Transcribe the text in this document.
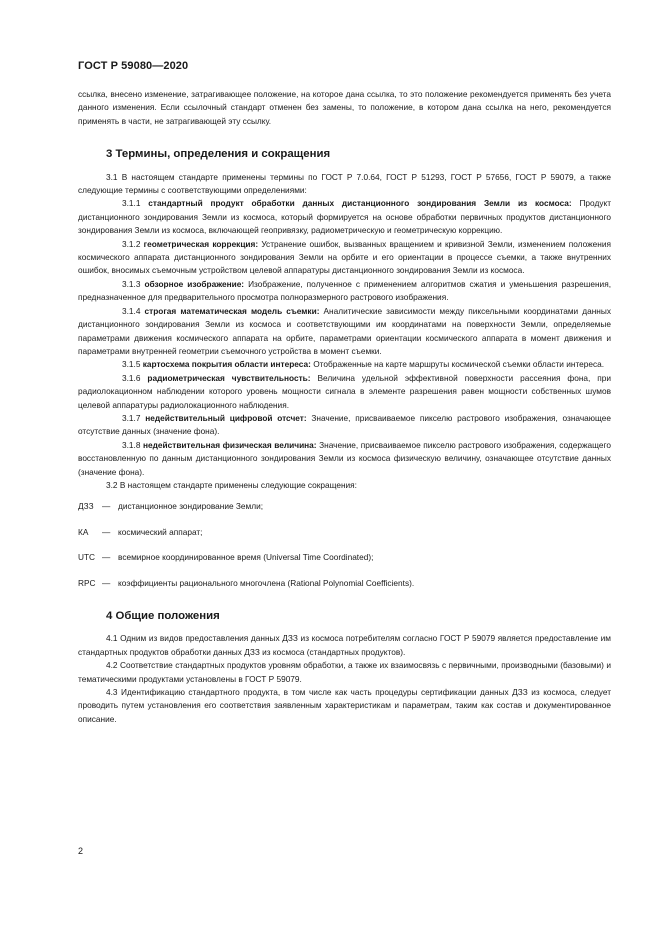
ГОСТ Р 59080—2020

ссылка, внесено изменение, затрагивающее положение, на которое дана ссылка, то это положение рекомендуется применять без учета данного изменения. Если ссылочный стандарт отменен без замены, то положение, в котором дана ссылка на него, рекомендуется применять в части, не затрагивающей эту ссылку.

3 Термины, определения и сокращения

3.1 В настоящем стандарте применены термины по ГОСТ Р 7.0.64, ГОСТ Р 51293, ГОСТ Р 57656, ГОСТ Р 59079, а также следующие термины с соответствующими определениями:

3.1.1 стандартный продукт обработки данных дистанционного зондирования Земли из космоса: Продукт дистанционного зондирования Земли из космоса, который формируется на основе обработки первичных продуктов дистанционного зондирования Земли из космоса, включающей геопривязку, радиометрическую и геометрическую коррекцию.

3.1.2 геометрическая коррекция: Устранение ошибок, вызванных вращением и кривизной Земли, изменением положения космического аппарата дистанционного зондирования Земли на орбите и его ориентации в процессе съемки, а также внутренних ошибок, вносимых съемочным устройством целевой аппаратуры дистанционного зондирования Земли из космоса.

3.1.3 обзорное изображение: Изображение, полученное с применением алгоритмов сжатия и уменьшения разрешения, предназначенное для предварительного просмотра полноразмерного растрового изображения.

3.1.4 строгая математическая модель съемки: Аналитические зависимости между пиксельными координатами данных дистанционного зондирования Земли из космоса и соответствующими им координатами на поверхности Земли, определяемые параметрами движения космического аппарата на орбите, параметрами ориентации космического аппарата в момент движения и параметрами внутренней геометрии съемочного устройства в момент съемки.

3.1.5 картосхема покрытия области интереса: Отображенные на карте маршруты космической съемки области интереса.

3.1.6 радиометрическая чувствительность: Величина удельной эффективной поверхности рассеяния фона, при радиолокационном наблюдении которого уровень мощности сигнала в элементе разрешения равен мощности собственных шумов целевой аппаратуры радиолокационного наблюдения.

3.1.7 недействительный цифровой отсчет: Значение, присваиваемое пикселю растрового изображения, означающее отсутствие данных (значение фона).

3.1.8 недействительная физическая величина: Значение, присваиваемое пикселю растрового изображения, содержащего восстановленную по данным дистанционного зондирования Земли из космоса физическую величину, означающее отсутствие данных (значение фона).

3.2 В настоящем стандарте применены следующие сокращения:

ДЗЗ	— дистанционное зондирование Земли;
КА	— космический аппарат;
UTC — всемирное координированное время (Universal Time Coordinated);
RPC — коэффициенты рационального многочлена (Rational Polynomial Coefficients).

4 Общие положения

4.1 Одним из видов предоставления данных ДЗЗ из космоса потребителям согласно ГОСТ Р 59079 является предоставление им стандартных продуктов обработки данных ДЗЗ из космоса (стандартных продуктов).

4.2 Соответствие стандартных продуктов уровням обработки, а также их взаимосвязь с первичными, производными (базовыми) и тематическими продуктами установлены в ГОСТ Р 59079.

4.3 Идентификацию стандартного продукта, в том числе как часть процедуры сертификации данных ДЗЗ из космоса, следует проводить путем установления его соответствия заявленным характеристикам и параметрам, таким как состав и документированное описание.

2
